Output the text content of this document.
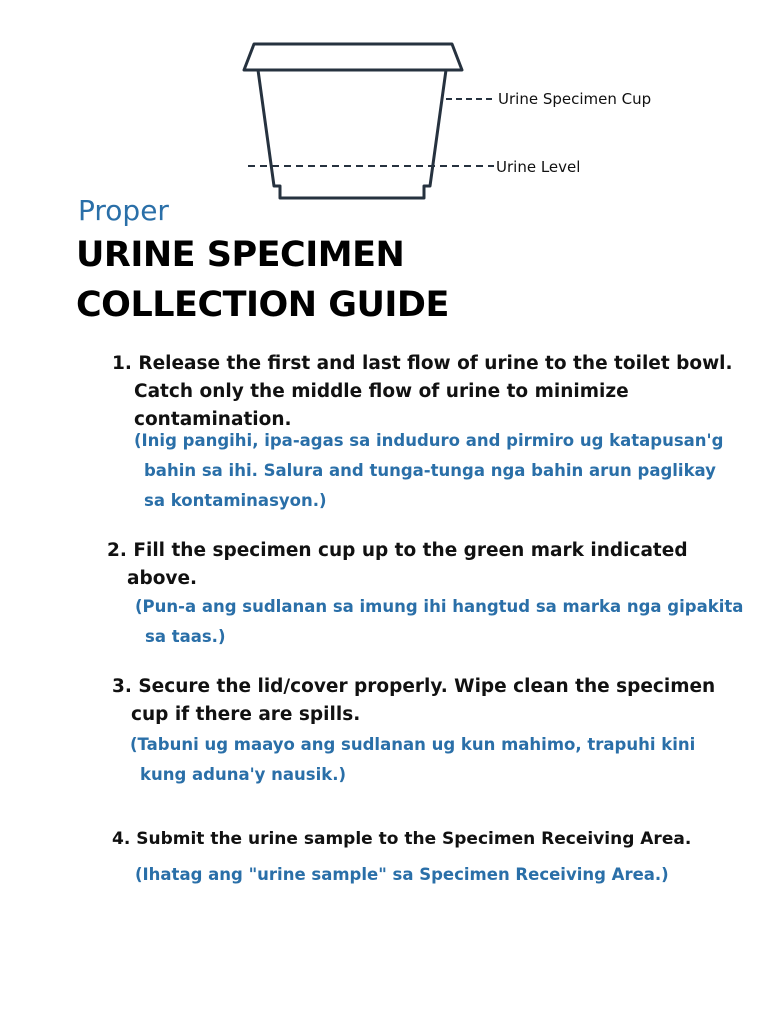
Urine Specimen Cup
Urine Level
Proper
URINE SPECIMEN
COLLECTION GUIDE
1. Release the first and last flow of urine to the toilet bowl.
Catch only the middle flow of urine to minimize
contamination.
(Inig pangihi, ipa-agas sa induduro and pirmiro ug katapusan'g
bahin sa ihi. Salura and tunga-tunga nga bahin arun paglikay
sa kontaminasyon.)
2. Fill the specimen cup up to the green mark indicated
above.
(Pun-a ang sudlanan sa imung ihi hangtud sa marka nga gipakita
sa taas.)
3. Secure the lid/cover properly. Wipe clean the specimen
cup if there are spills.
(Tabuni ug maayo ang sudlanan ug kun mahimo, trapuhi kini
kung aduna'y nausik.)
4. Submit the urine sample to the Specimen Receiving Area.
(Ihatag ang "urine sample" sa Specimen Receiving Area.)
